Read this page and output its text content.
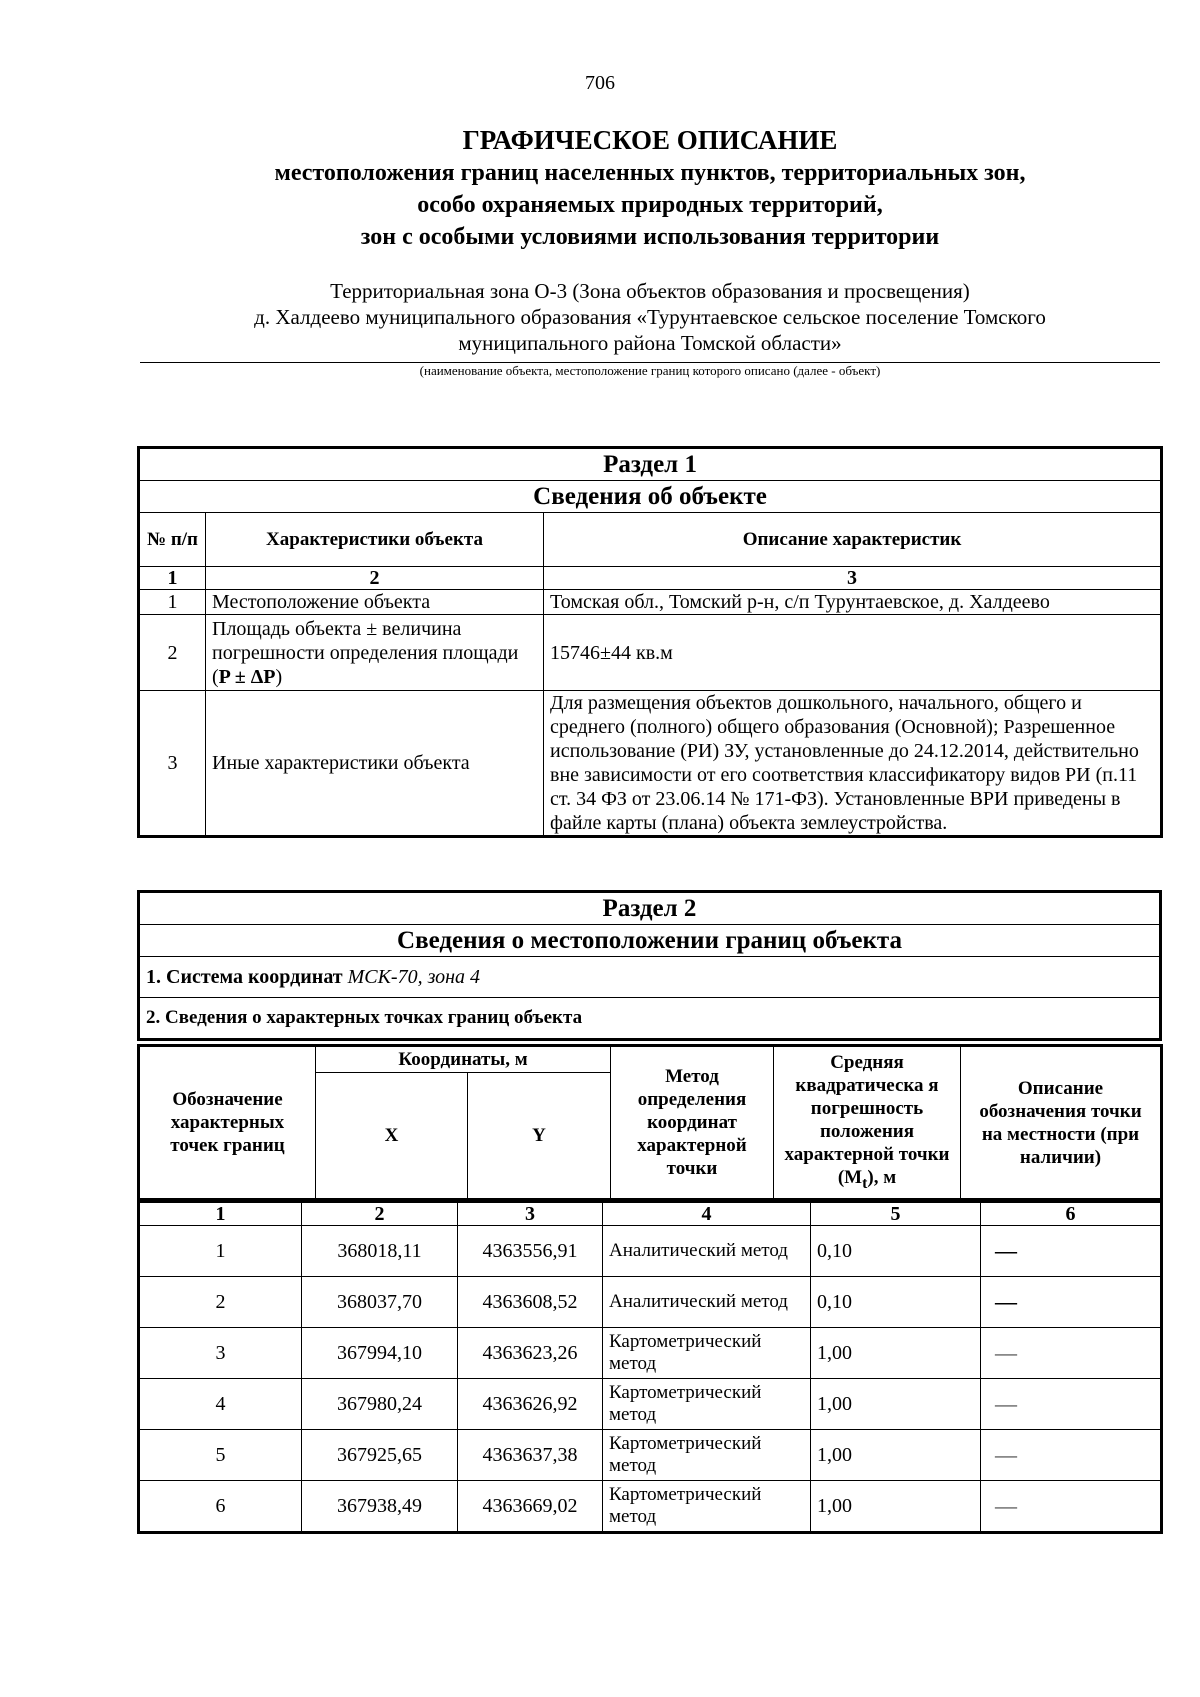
706
ГРАФИЧЕСКОЕ ОПИСАНИЕ
местоположения границ населенных пунктов, территориальных зон,
особо охраняемых природных территорий,
зон с особыми условиями использования территории
Территориальная зона О-3 (Зона объектов образования и просвещения)
д. Халдеево муниципального образования «Турунтаевское сельское поселение Томского
муниципального района Томской области»
(наименование объекта, местоположение границ которого описано (далее - объект)
Раздел 1		
Сведения об объекте		
№ п/п	Характеристики объекта	Описание характеристик
1	2	3
1	Местоположение объекта	Томская обл., Томский р-н, с/п Турунтаевское, д. Халдеево
2	Площадь объекта ± величина погрешности определения площади (P ± ΔP)	15746±44 кв.м
3	Иные характеристики объекта	Для размещения объектов дошкольного, начального, общего и среднего (полного) общего образования (Основной); Разрешенное использование (РИ) ЗУ, установленные до 24.12.2014, действительно вне зависимости от его соответствия классификатору видов РИ (п.11 ст. 34 ФЗ от 23.06.14 № 171-ФЗ). Установленные ВРИ приведены в файле карты (плана) объекта землеустройства.
Раздел 2
Сведения о местоположении границ объекта
1. Система координат МСК-70, зона 4
2. Сведения о характерных точках границ объекта
Обозначение характерных точек границ	Координаты, м		Метод определения координат характерной точки	Средняя квадратическа я погрешность положения характерной точки $(M_t)$, м	Описание обозначения точки на местности (при наличии)
	X	Y			
1	2	3	4	5	6
1	368018,11	4363556,91	Аналитический метод	0,10	—
2	368037,70	4363608,52	Аналитический метод	0,10	—
3	367994,10	4363623,26	Картометрический метод	1,00	—
4	367980,24	4363626,92	Картометрический метод	1,00	—
5	367925,65	4363637,38	Картометрический метод	1,00	—
6	367938,49	4363669,02	Картометрический метод	1,00	—
